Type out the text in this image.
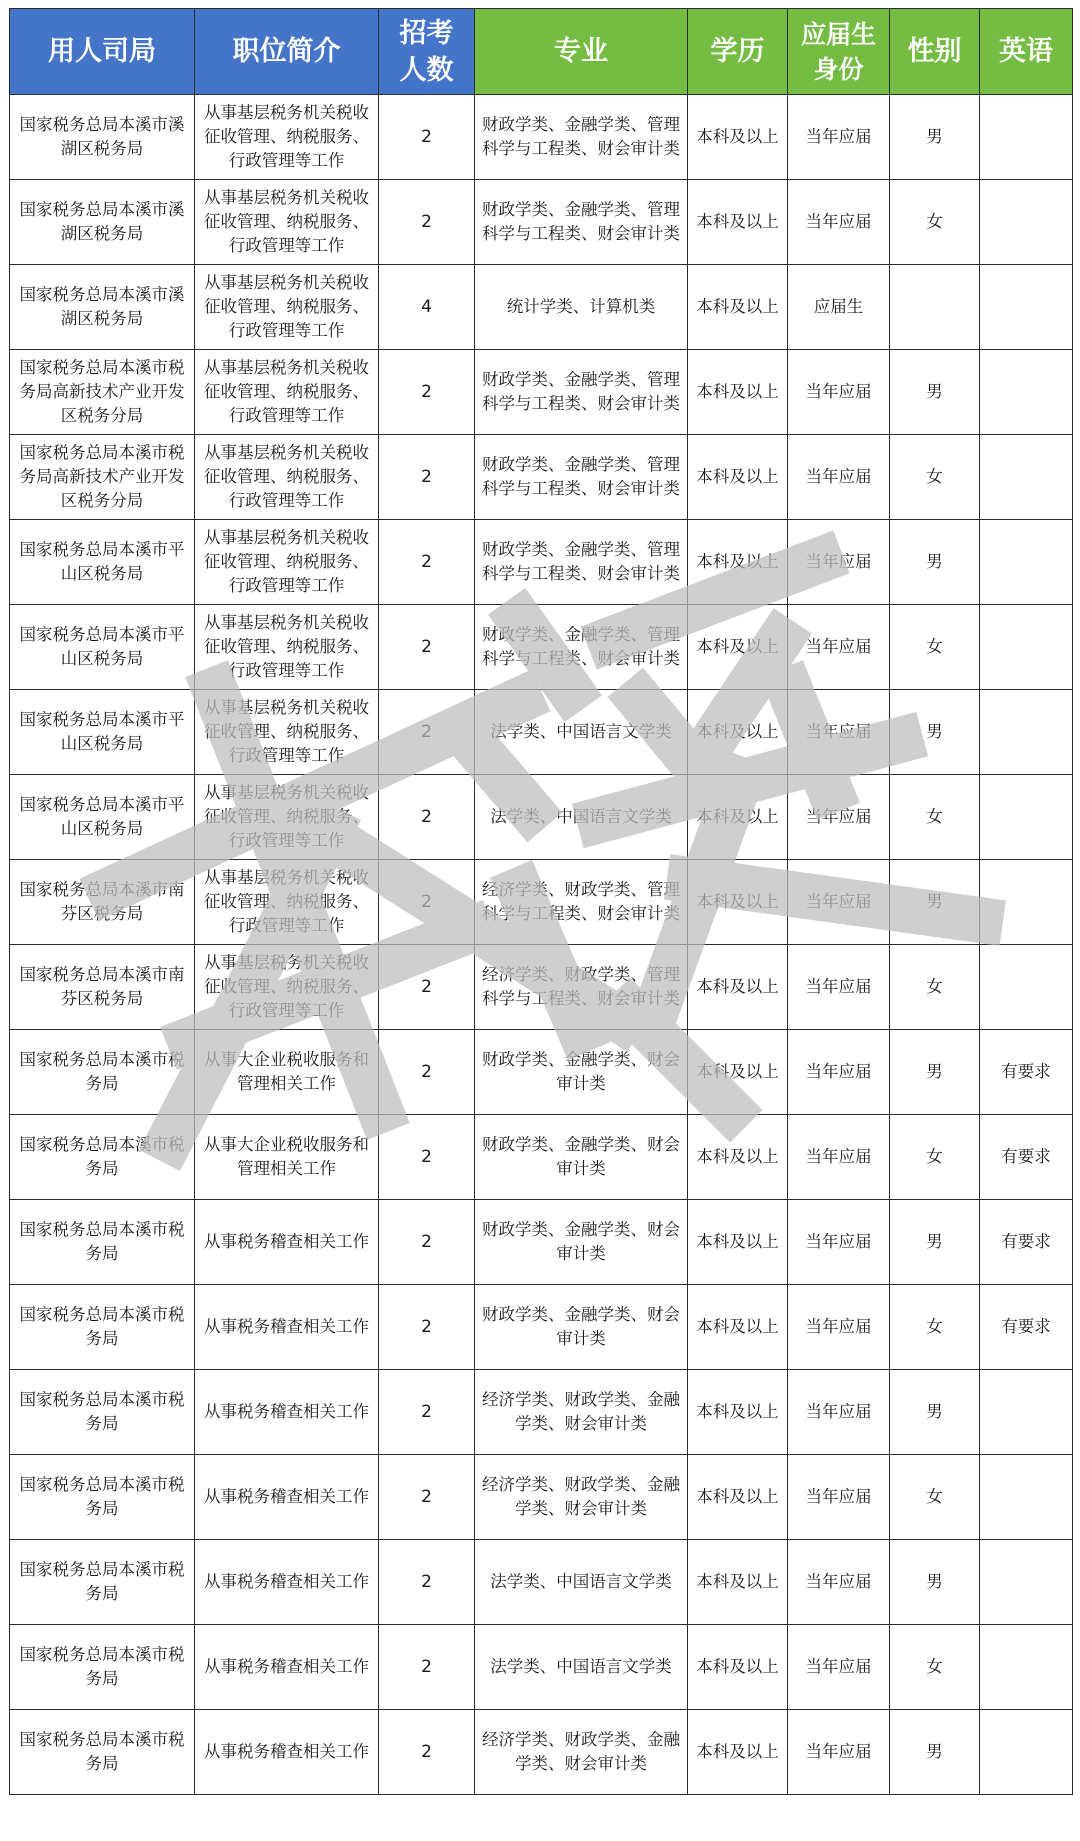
用人司局	职位简介	招考人数	专业	学历	应届生身份	性别	英语
国家税务总局本溪市溪湖区税务局	从事基层税务机关税收征收管理、纳税服务、行政管理等工作	2	财政学类、金融学类、管理科学与工程类、财会审计类	本科及以上	当年应届	男	
国家税务总局本溪市溪湖区税务局	从事基层税务机关税收征收管理、纳税服务、行政管理等工作	2	财政学类、金融学类、管理科学与工程类、财会审计类	本科及以上	当年应届	女	
国家税务总局本溪市溪湖区税务局	从事基层税务机关税收征收管理、纳税服务、行政管理等工作	4	统计学类、计算机类	本科及以上	应届生		
国家税务总局本溪市税务局高新技术产业开发区税务分局	从事基层税务机关税收征收管理、纳税服务、行政管理等工作	2	财政学类、金融学类、管理科学与工程类、财会审计类	本科及以上	当年应届	男	
国家税务总局本溪市税务局高新技术产业开发区税务分局	从事基层税务机关税收征收管理、纳税服务、行政管理等工作	2	财政学类、金融学类、管理科学与工程类、财会审计类	本科及以上	当年应届	女	
国家税务总局本溪市平山区税务局	从事基层税务机关税收征收管理、纳税服务、行政管理等工作	2	财政学类、金融学类、管理科学与工程类、财会审计类	本科及以上	当年应届	男	
国家税务总局本溪市平山区税务局	从事基层税务机关税收征收管理、纳税服务、行政管理等工作	2	财政学类、金融学类、管理科学与工程类、财会审计类	本科及以上	当年应届	女	
国家税务总局本溪市平山区税务局	从事基层税务机关税收征收管理、纳税服务、行政管理等工作	2	法学类、中国语言文学类	本科及以上	当年应届	男	
国家税务总局本溪市平山区税务局	从事基层税务机关税收征收管理、纳税服务、行政管理等工作	2	法学类、中国语言文学类	本科及以上	当年应届	女	
国家税务总局本溪市南芬区税务局	从事基层税务机关税收征收管理、纳税服务、行政管理等工作	2	经济学类、财政学类、管理科学与工程类、财会审计类	本科及以上	当年应届	男	
国家税务总局本溪市南芬区税务局	从事基层税务机关税收征收管理、纳税服务、行政管理等工作	2	经济学类、财政学类、管理科学与工程类、财会审计类	本科及以上	当年应届	女	
国家税务总局本溪市税务局	从事大企业税收服务和管理相关工作	2	财政学类、金融学类、财会审计类	本科及以上	当年应届	男	有要求
国家税务总局本溪市税务局	从事大企业税收服务和管理相关工作	2	财政学类、金融学类、财会审计类	本科及以上	当年应届	女	有要求
国家税务总局本溪市税务局	从事税务稽查相关工作	2	财政学类、金融学类、财会审计类	本科及以上	当年应届	男	有要求
国家税务总局本溪市税务局	从事税务稽查相关工作	2	财政学类、金融学类、财会审计类	本科及以上	当年应届	女	有要求
国家税务总局本溪市税务局	从事税务稽查相关工作	2	经济学类、财政学类、金融学类、财会审计类	本科及以上	当年应届	男	
国家税务总局本溪市税务局	从事税务稽查相关工作	2	经济学类、财政学类、金融学类、财会审计类	本科及以上	当年应届	女	
国家税务总局本溪市税务局	从事税务稽查相关工作	2	法学类、中国语言文学类	本科及以上	当年应届	男	
国家税务总局本溪市税务局	从事税务稽查相关工作	2	法学类、中国语言文学类	本科及以上	当年应届	女	
国家税务总局本溪市税务局	从事税务稽查相关工作	2	经济学类、财政学类、金融学类、财会审计类	本科及以上	当年应届	男	
